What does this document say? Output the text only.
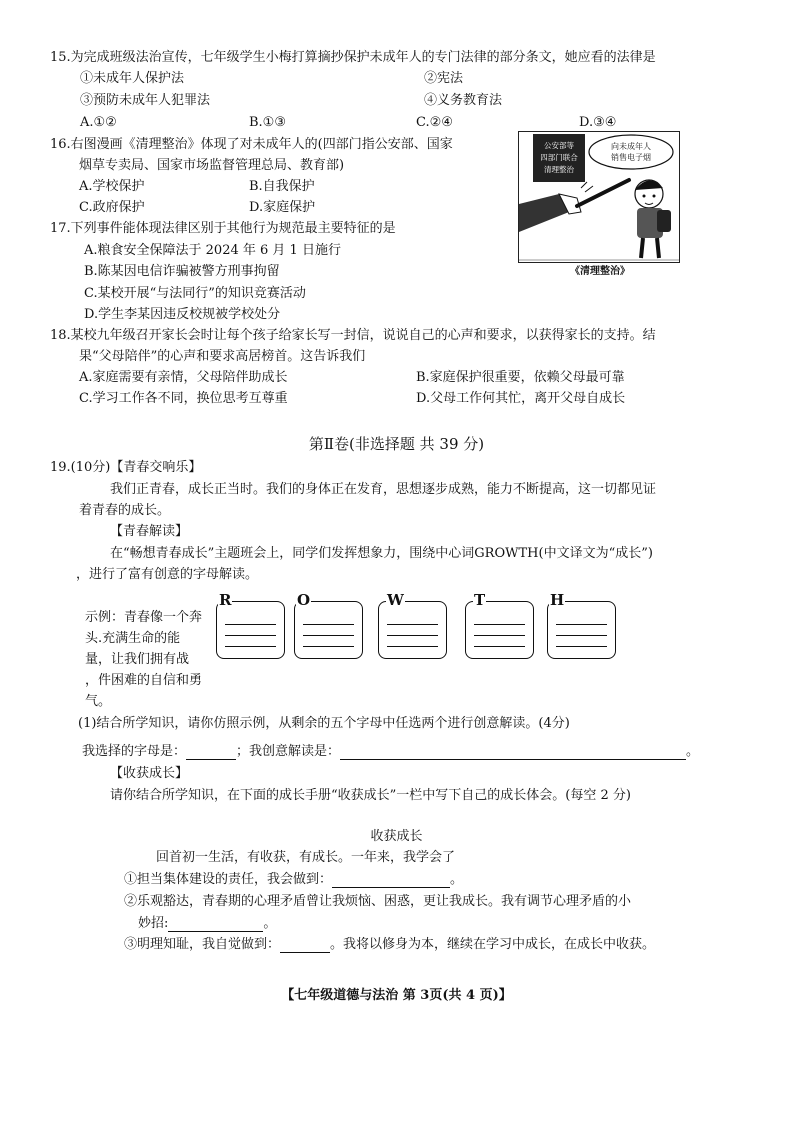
15.为完成班级法治宣传，七年级学生小梅打算摘抄保护未成年人的专门法律的部分条文，她应看的法律是
①未成年人保护法	②宪法
③预防未成年人犯罪法	④义务教育法
A.①②	B.①③	C.②④	D.③④
16.右图漫画《清理整治》体现了对未成年人的(四部门指公安部、国家
烟草专卖局、国家市场监督管理总局、教育部)
A.学校保护	B.自我保护
C.政府保护	D.家庭保护
公安部等
四部门联合
清理整治
向未成年人
销售电子烟
《清理整治》
17.下列事件能体现法律区别于其他行为规范最主要特征的是
A.粮食安全保障法于 2024 年 6 月 1 日施行
B.陈某因电信诈骗被警方刑事拘留
C.某校开展“与法同行”的知识竞赛活动
D.学生李某因违反校规被学校处分
18.某校九年级召开家长会时让每个孩子给家长写一封信，说说自己的心声和要求，以获得家长的支持。结
果“父母陪伴”的心声和要求高居榜首。这告诉我们
A.家庭需要有亲情，父母陪伴助成长	B.家庭保护很重要，依赖父母最可靠
C.学习工作各不同，换位思考互尊重	D.父母工作何其忙，离开父母自成长
第Ⅱ卷(非选择题 共 39 分)
19.(10分)【青春交响乐】
我们正青春，成长正当时。我们的身体正在发育，思想逐步成熟，能力不断提高，这一切都见证
着青春的成长。
【青春解读】
在“畅想青春成长”主题班会上，同学们发挥想象力，围绕中心词GROWTH(中文译文为“成长”)
，进行了富有创意的字母解读。
示例：青春像一个奔
头.充满生命的能
量，让我们拥有战
，件困难的自信和勇
气。
R	O	W	T	H
(1)结合所学知识，请你仿照示例，从剩余的五个字母中任选两个进行创意解读。(4分)
我选择的字母是：	；我创意解读是：	。
【收获成长】
请你结合所学知识，在下面的成长手册“收获成长”一栏中写下自己的成长体会。(每空 2 分)
收获成长
回首初一生活，有收获，有成长。一年来，我学会了
①担当集体建设的责任，我会做到：	。
②乐观豁达，青春期的心理矛盾曾让我烦恼、困惑，更让我成长。我有调节心理矛盾的小
妙招:	。
③明理知耻，我自觉做到：	。我将以修身为本，继续在学习中成长，在成长中收获。
【七年级道德与法治 第 3页(共 4 页)】
